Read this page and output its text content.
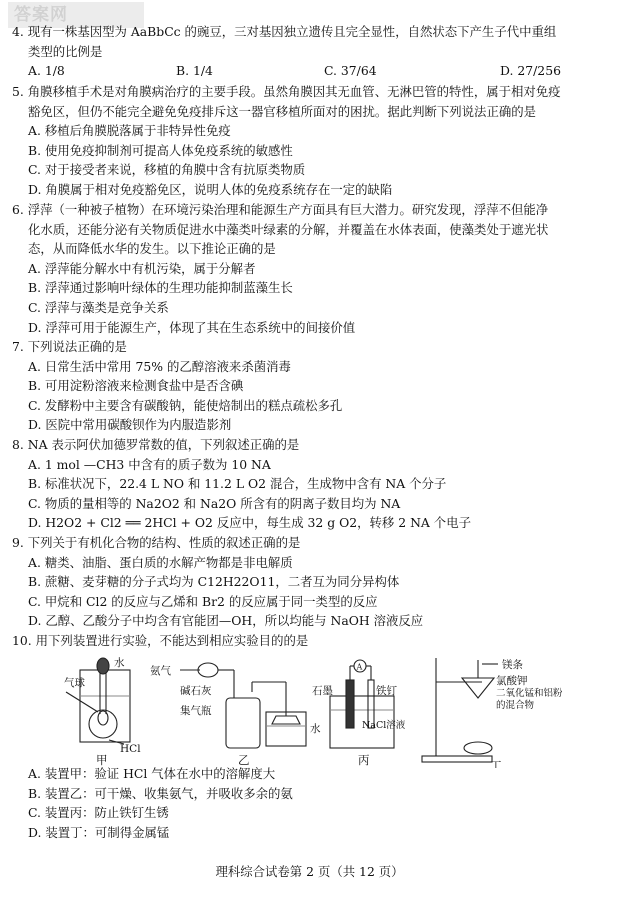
答案网
4. 现有一株基因型为 AaBbCc 的豌豆，三对基因独立遗传且完全显性，自然状态下产生子代中重组
类型的比例是
A. 1/8	B. 1/4	C. 37/64	D. 27/256
5. 角膜移植手术是对角膜病治疗的主要手段。虽然角膜因其无血管、无淋巴管的特性，属于相对免疫
豁免区，但仍不能完全避免免疫排斥这一器官移植所面对的困扰。据此判断下列说法正确的是
A. 移植后角膜脱落属于非特异性免疫
B. 使用免疫抑制剂可提高人体免疫系统的敏感性
C. 对于接受者来说，移植的角膜中含有抗原类物质
D. 角膜属于相对免疫豁免区，说明人体的免疫系统存在一定的缺陷
6. 浮萍（一种被子植物）在环境污染治理和能源生产方面具有巨大潜力。研究发现，浮萍不但能净
化水质，还能分泌有关物质促进水中藻类叶绿素的分解，并覆盖在水体表面，使藻类处于遮光状
态，从而降低水华的发生。以下推论正确的是
A. 浮萍能分解水中有机污染，属于分解者
B. 浮萍通过影响叶绿体的生理功能抑制蓝藻生长
C. 浮萍与藻类是竞争关系
D. 浮萍可用于能源生产，体现了其在生态系统中的间接价值
7. 下列说法正确的是
A. 日常生活中常用 75% 的乙醇溶液来杀菌消毒
B. 可用淀粉溶液来检测食盐中是否含碘
C. 发酵粉中主要含有碳酸钠，能使焙制出的糕点疏松多孔
D. 医院中常用碳酸钡作为内服造影剂
8. NA 表示阿伏加德罗常数的值，下列叙述正确的是
A. 1 mol —CH3 中含有的质子数为 10 NA
B. 标准状况下，22.4 L NO 和 11.2 L O2 混合，生成物中含有 NA 个分子
C. 物质的量相等的 Na2O2 和 Na2O 所含有的阴离子数目均为 NA
D. H2O2 + Cl2 ══ 2HCl + O2 反应中，每生成 32 g O2，转移 2 NA 个电子
9. 下列关于有机化合物的结构、性质的叙述正确的是
A. 糖类、油脂、蛋白质的水解产物都是非电解质
B. 蔗糖、麦芽糖的分子式均为 C12H22O11，二者互为同分异构体
C. 甲烷和 Cl2 的反应与乙烯和 Br2 的反应属于同一类型的反应
D. 乙醇、乙酸分子中均含有官能团—OH，所以均能与 NaOH 溶液反应
10. 用下列装置进行实验，不能达到相应实验目的的是
气球
水
HCl
甲
氨气
碱石灰
集气瓶
水
乙
石墨	铁钉
NaCl溶液
A
丙
镁条
氯酸钾
二氧化锰和铝粉
的混合物
丁
A. 装置甲：验证 HCl 气体在水中的溶解度大
B. 装置乙：可干燥、收集氨气，并吸收多余的氨
C. 装置丙：防止铁钉生锈
D. 装置丁：可制得金属锰
理科综合试卷第 2 页（共 12 页）
